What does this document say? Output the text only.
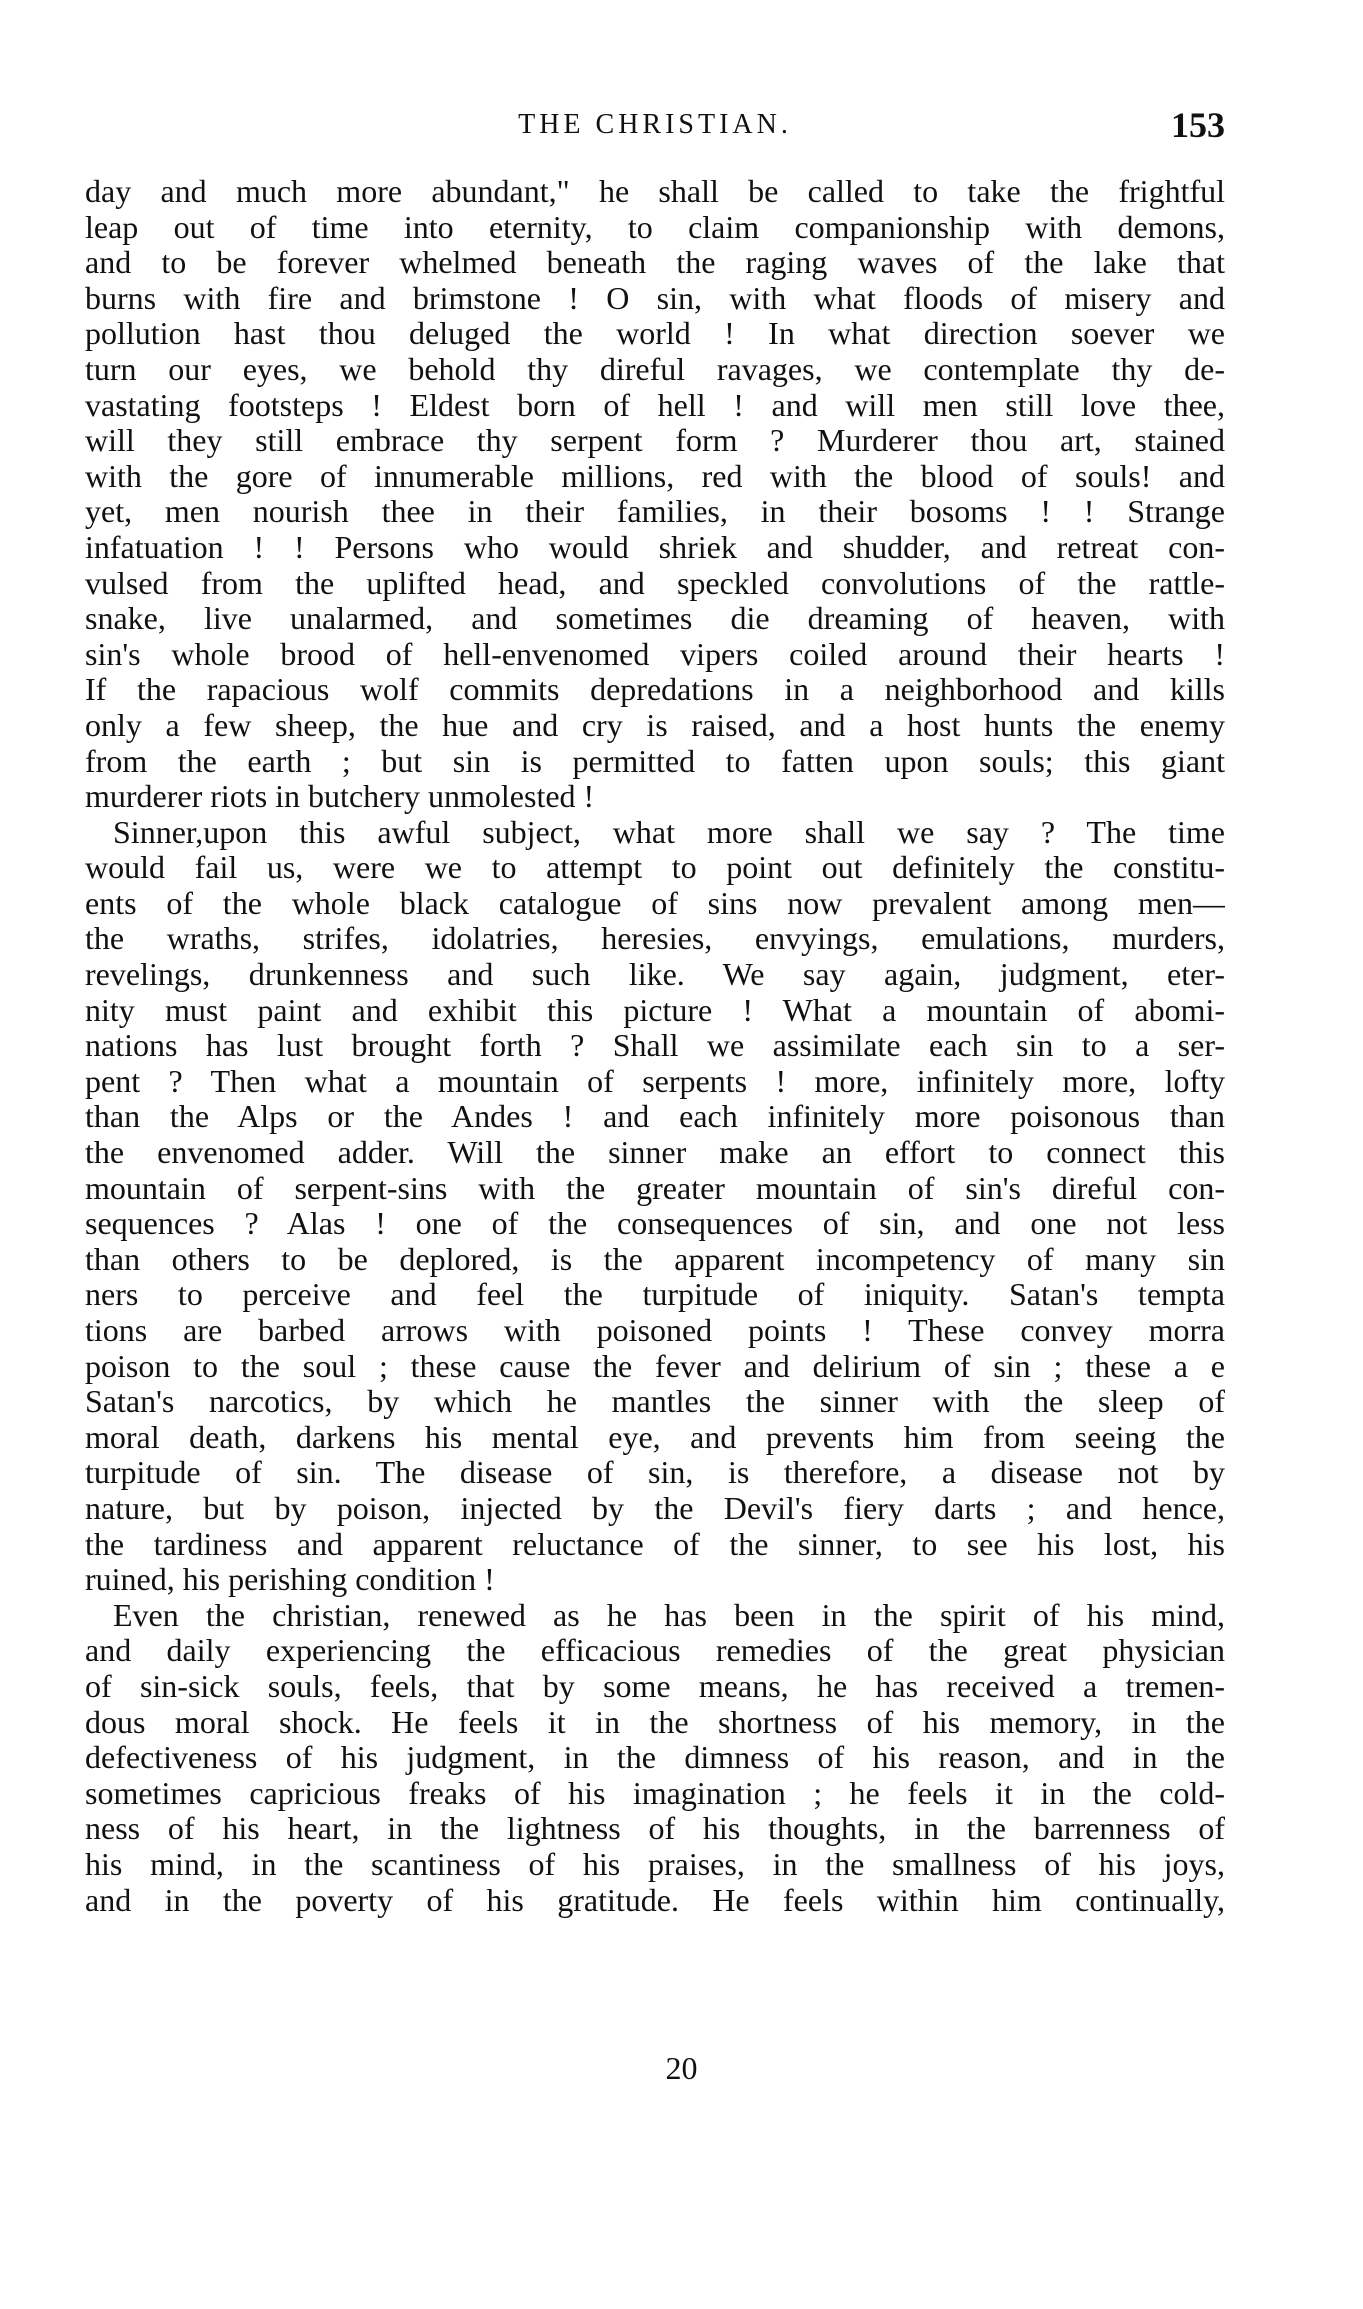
THE CHRISTIAN.	153
day and much more abundant," he shall be called to take the frightful
leap out of time into eternity, to claim companionship with demons,
and to be forever whelmed beneath the raging waves of the lake that
burns with fire and brimstone ! O sin, with what floods of misery and
pollution hast thou deluged the world ! In what direction soever we
turn our eyes, we behold thy direful ravages, we contemplate thy de-
vastating footsteps ! Eldest born of hell ! and will men still love thee,
will they still embrace thy serpent form ? Murderer thou art, stained
with the gore of innumerable millions, red with the blood of souls! and
yet, men nourish thee in their families, in their bosoms ! ! Strange
infatuation ! ! Persons who would shriek and shudder, and retreat con-
vulsed from the uplifted head, and speckled convolutions of the rattle-
snake, live unalarmed, and sometimes die dreaming of heaven, with
sin's whole brood of hell-envenomed vipers coiled around their hearts !
If the rapacious wolf commits depredations in a neighborhood and kills
only a few sheep, the hue and cry is raised, and a host hunts the enemy
from the earth ; but sin is permitted to fatten upon souls; this giant
murderer riots in butchery unmolested !
Sinner,upon this awful subject, what more shall we say ? The time
would fail us, were we to attempt to point out definitely the constitu-
ents of the whole black catalogue of sins now prevalent among men—
the wraths, strifes, idolatries, heresies, envyings, emulations, murders,
revelings, drunkenness and such like. We say again, judgment, eter-
nity must paint and exhibit this picture ! What a mountain of abomi-
nations has lust brought forth ? Shall we assimilate each sin to a ser-
pent ? Then what a mountain of serpents ! more, infinitely more, lofty
than the Alps or the Andes ! and each infinitely more poisonous than
the envenomed adder. Will the sinner make an effort to connect this
mountain of serpent-sins with the greater mountain of sin's direful con-
sequences ? Alas ! one of the consequences of sin, and one not less
than others to be deplored, is the apparent incompetency of many sin
ners to perceive and feel the turpitude of iniquity. Satan's tempta
tions are barbed arrows with poisoned points ! These convey morra
poison to the soul ; these cause the fever and delirium of sin ; these a e
Satan's narcotics, by which he mantles the sinner with the sleep of
moral death, darkens his mental eye, and prevents him from seeing the
turpitude of sin. The disease of sin, is therefore, a disease not by
nature, but by poison, injected by the Devil's fiery darts ; and hence,
the tardiness and apparent reluctance of the sinner, to see his lost, his
ruined, his perishing condition !
Even the christian, renewed as he has been in the spirit of his mind,
and daily experiencing the efficacious remedies of the great physician
of sin-sick souls, feels, that by some means, he has received a tremen-
dous moral shock. He feels it in the shortness of his memory, in the
defectiveness of his judgment, in the dimness of his reason, and in the
sometimes capricious freaks of his imagination ; he feels it in the cold-
ness of his heart, in the lightness of his thoughts, in the barrenness of
his mind, in the scantiness of his praises, in the smallness of his joys,
and in the poverty of his gratitude. He feels within him continually,
20
